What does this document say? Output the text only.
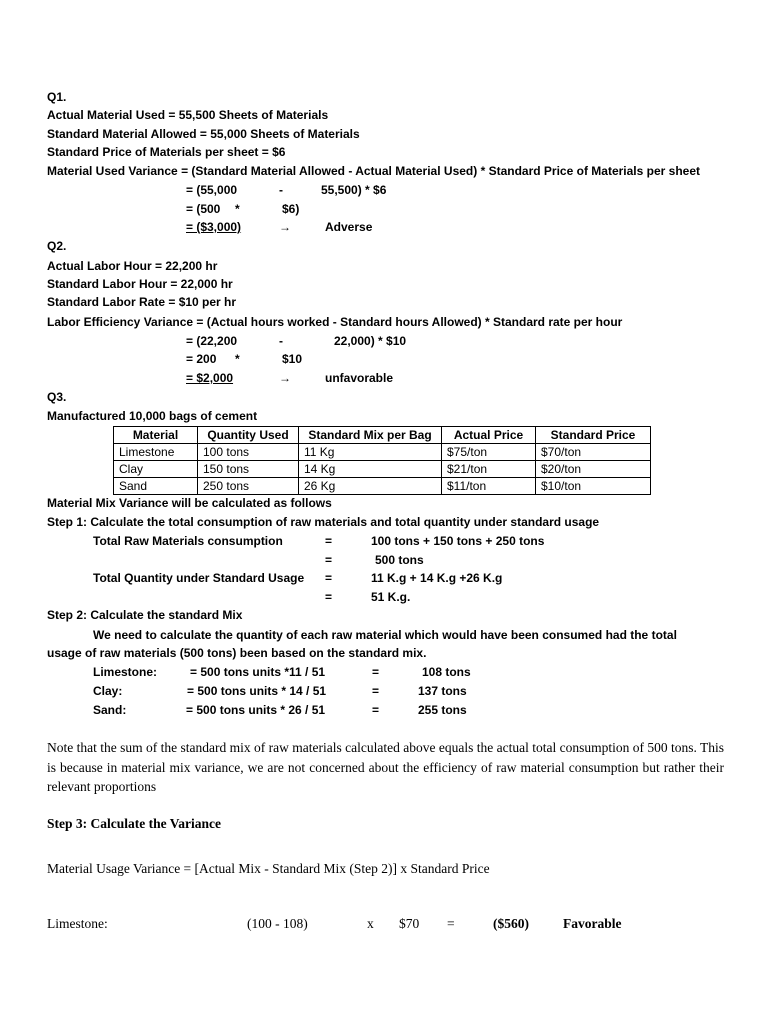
Q1.
Actual Material Used = 55,500 Sheets of Materials
Standard Material Allowed = 55,000 Sheets of Materials
Standard Price of Materials per sheet = $6
Material Used Variance = (Standard Material Allowed - Actual Material Used) * Standard Price of Materials per sheet
= (55,000	-	55,500) * $6
= (500 *	$6)
= ($3,000)	→	Adverse

Q2.
Actual Labor Hour = 22,200 hr
Standard Labor Hour = 22,000 hr
Standard Labor Rate = $10 per hr
Labor Efficiency Variance = (Actual hours worked - Standard hours Allowed) * Standard rate per hour
= (22,200	-	22,000) * $10
= 200 *	$10
= $2,000	→	unfavorable

Q3.
Manufactured 10,000 bags of cement
Material	Quantity Used	Standard Mix per Bag	Actual Price	Standard Price
Limestone	100 tons	11 Kg	$75/ton	$70/ton
Clay	150 tons	14 Kg	$21/ton	$20/ton
Sand	250 tons	26 Kg	$11/ton	$10/ton
Material Mix Variance will be calculated as follows
Step 1: Calculate the total consumption of raw materials and total quantity under standard usage
Total Raw Materials consumption	=	100 tons + 150 tons + 250 tons
=	500 tons
Total Quantity under Standard Usage =	11 K.g + 14 K.g +26 K.g
=	51 K.g.
Step 2: Calculate the standard Mix
We need to calculate the quantity of each raw material which would have been consumed had the total
usage of raw materials (500 tons) been based on the standard mix.
Limestone:	= 500 tons units *11 / 51	=	108 tons
Clay:	= 500 tons units * 14 / 51	=	137 tons
Sand:	= 500 tons units * 26 / 51	=	255 tons
Note that the sum of the standard mix of raw materials calculated above equals the actual total consumption of 500 tons. This is because in material mix variance, we are not concerned about the efficiency of raw material consumption but rather their relevant proportions
Step 3: Calculate the Variance
Material Usage Variance = [Actual Mix - Standard Mix (Step 2)] x Standard Price
Limestone:	(100 - 108)	x $70 =	($560)	Favorable
